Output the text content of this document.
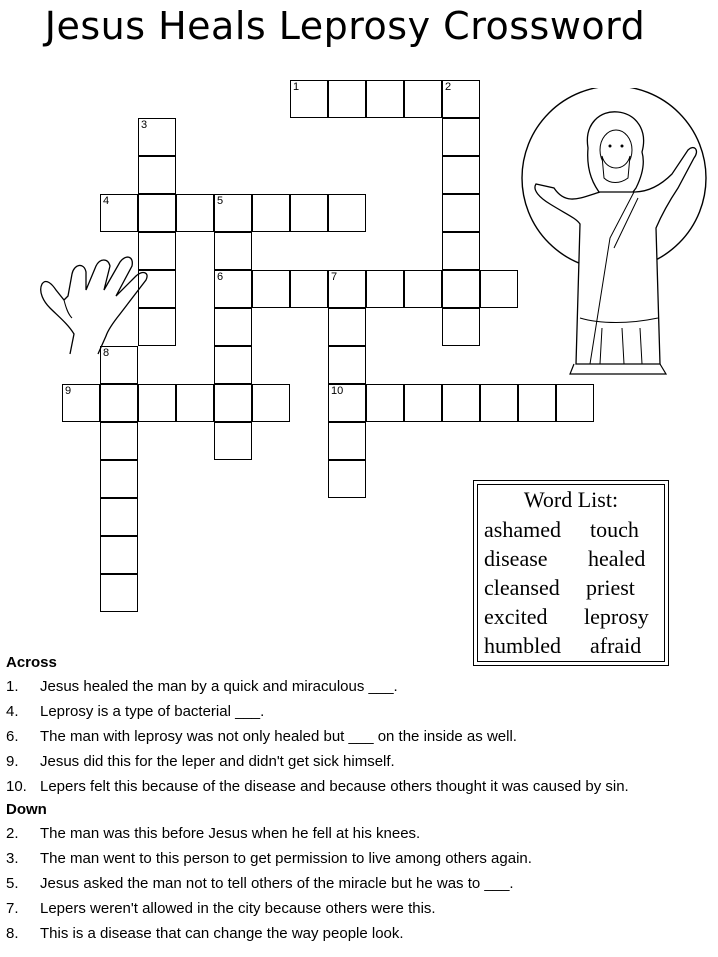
Jesus Heals Leprosy Crossword
1	2
3
4	5
6	7
10
8
9
Word List:
ashamed touch
disease healed
cleansed priest
excited leprosy
humbled afraid
Across
1. Jesus healed the man by a quick and miraculous ___.
4. Leprosy is a type of bacterial ___.
6. The man with leprosy was not only healed but ___ on the inside as well.
9. Jesus did this for the leper and didn't get sick himself.
10. Lepers felt this because of the disease and because others thought it was caused by sin.
Down
2. The man was this before Jesus when he fell at his knees.
3. The man went to this person to get permission to live among others again.
5. Jesus asked the man not to tell others of the miracle but he was to ___.
7. Lepers weren't allowed in the city because others were this.
8. This is a disease that can change the way people look.
